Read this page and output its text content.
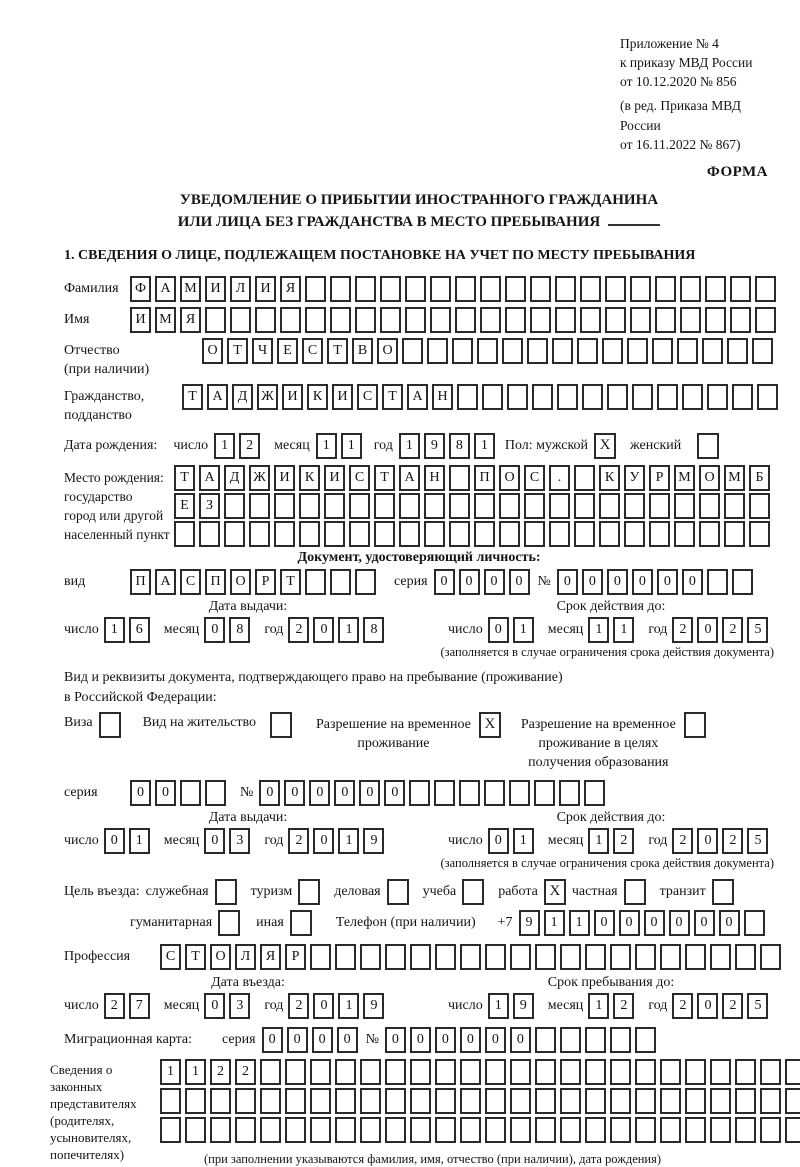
Приложение № 4
к приказу МВД России
от 10.12.2020 № 856
(в ред. Приказа МВД России
от 16.11.2022 № 867)
ФОРМА
УВЕДОМЛЕНИЕ О ПРИБЫТИИ ИНОСТРАННОГО ГРАЖДАНИНА
ИЛИ ЛИЦА БЕЗ ГРАЖДАНСТВА В МЕСТО ПРЕБЫВАНИЯ
1. СВЕДЕНИЯ О ЛИЦЕ, ПОДЛЕЖАЩЕМ ПОСТАНОВКЕ НА УЧЕТ ПО МЕСТУ ПРЕБЫВАНИЯ
Фамилия	Ф	А М И	Л	И	Я
Имя	И М	Я
Отчество
(при наличии)
О	Т	Ч	Е	С	Т	В	О
Гражданство,
подданство
Т	А	Д Ж И	К	И	С	Т	А	Н
Дата рождения: число 1	2	месяц 1	1	год 1	9	8	1	Пол: мужской X	женский
Место рождения:
государство
город или другой
населенный пункт
Т	А	Д Ж И	К	И	С	Т	А	Н	П	О	С	.	К	У	Р	М О М	Б
Е	З
Документ, удостоверяющий личность:
вид	П	А	С	П	О	Р	Т	серия 0	0	0	0	№ 0	0	0	0	0	0
Дата выдачи:
число 1	6	месяц 0	8	год 2	0	1	8
Срок действия до:
число 0	1	месяц 1	1	год 2	0	2	5
(заполняется в случае ограничения срока действия документа)
Вид и реквизиты документа, подтверждающего право на пребывание (проживание)
в Российской Федерации:
Виза	Вид на жительство	Разрешение на временное
проживание
X	Разрешение на временное
проживание в целях
получения образования
серия	0	0	№ 0	0	0	0	0	0
Дата выдачи:
число 0	1	месяц 0	3	год 2	0	1	9
Срок действия до:
число 0	1	месяц 1	2	год 2	0	2	5
(заполняется в случае ограничения срока действия документа)
Цель въезда: служебная	туризм	деловая	учеба	работа X частная	транзит
гуманитарная	иная	Телефон (при наличии) +7 9	1	1	0	0	0	0	0	0
Профессия	С	Т	О	Л	Я	Р
Дата въезда:
число 2	7	месяц 0	3	год 2	0	1	9
Срок пребывания до:
число 1	9	месяц 1	2	год 2	0	2	5
Миграционная карта: серия 0	0	0	0	№ 0	0	0	0	0	0
Сведения о
законных
представителях
(родителях,
усыновителях,
попечителях)
1	1	2	2
(при заполнении указываются фамилия, имя, отчество (при наличии), дата рождения)
